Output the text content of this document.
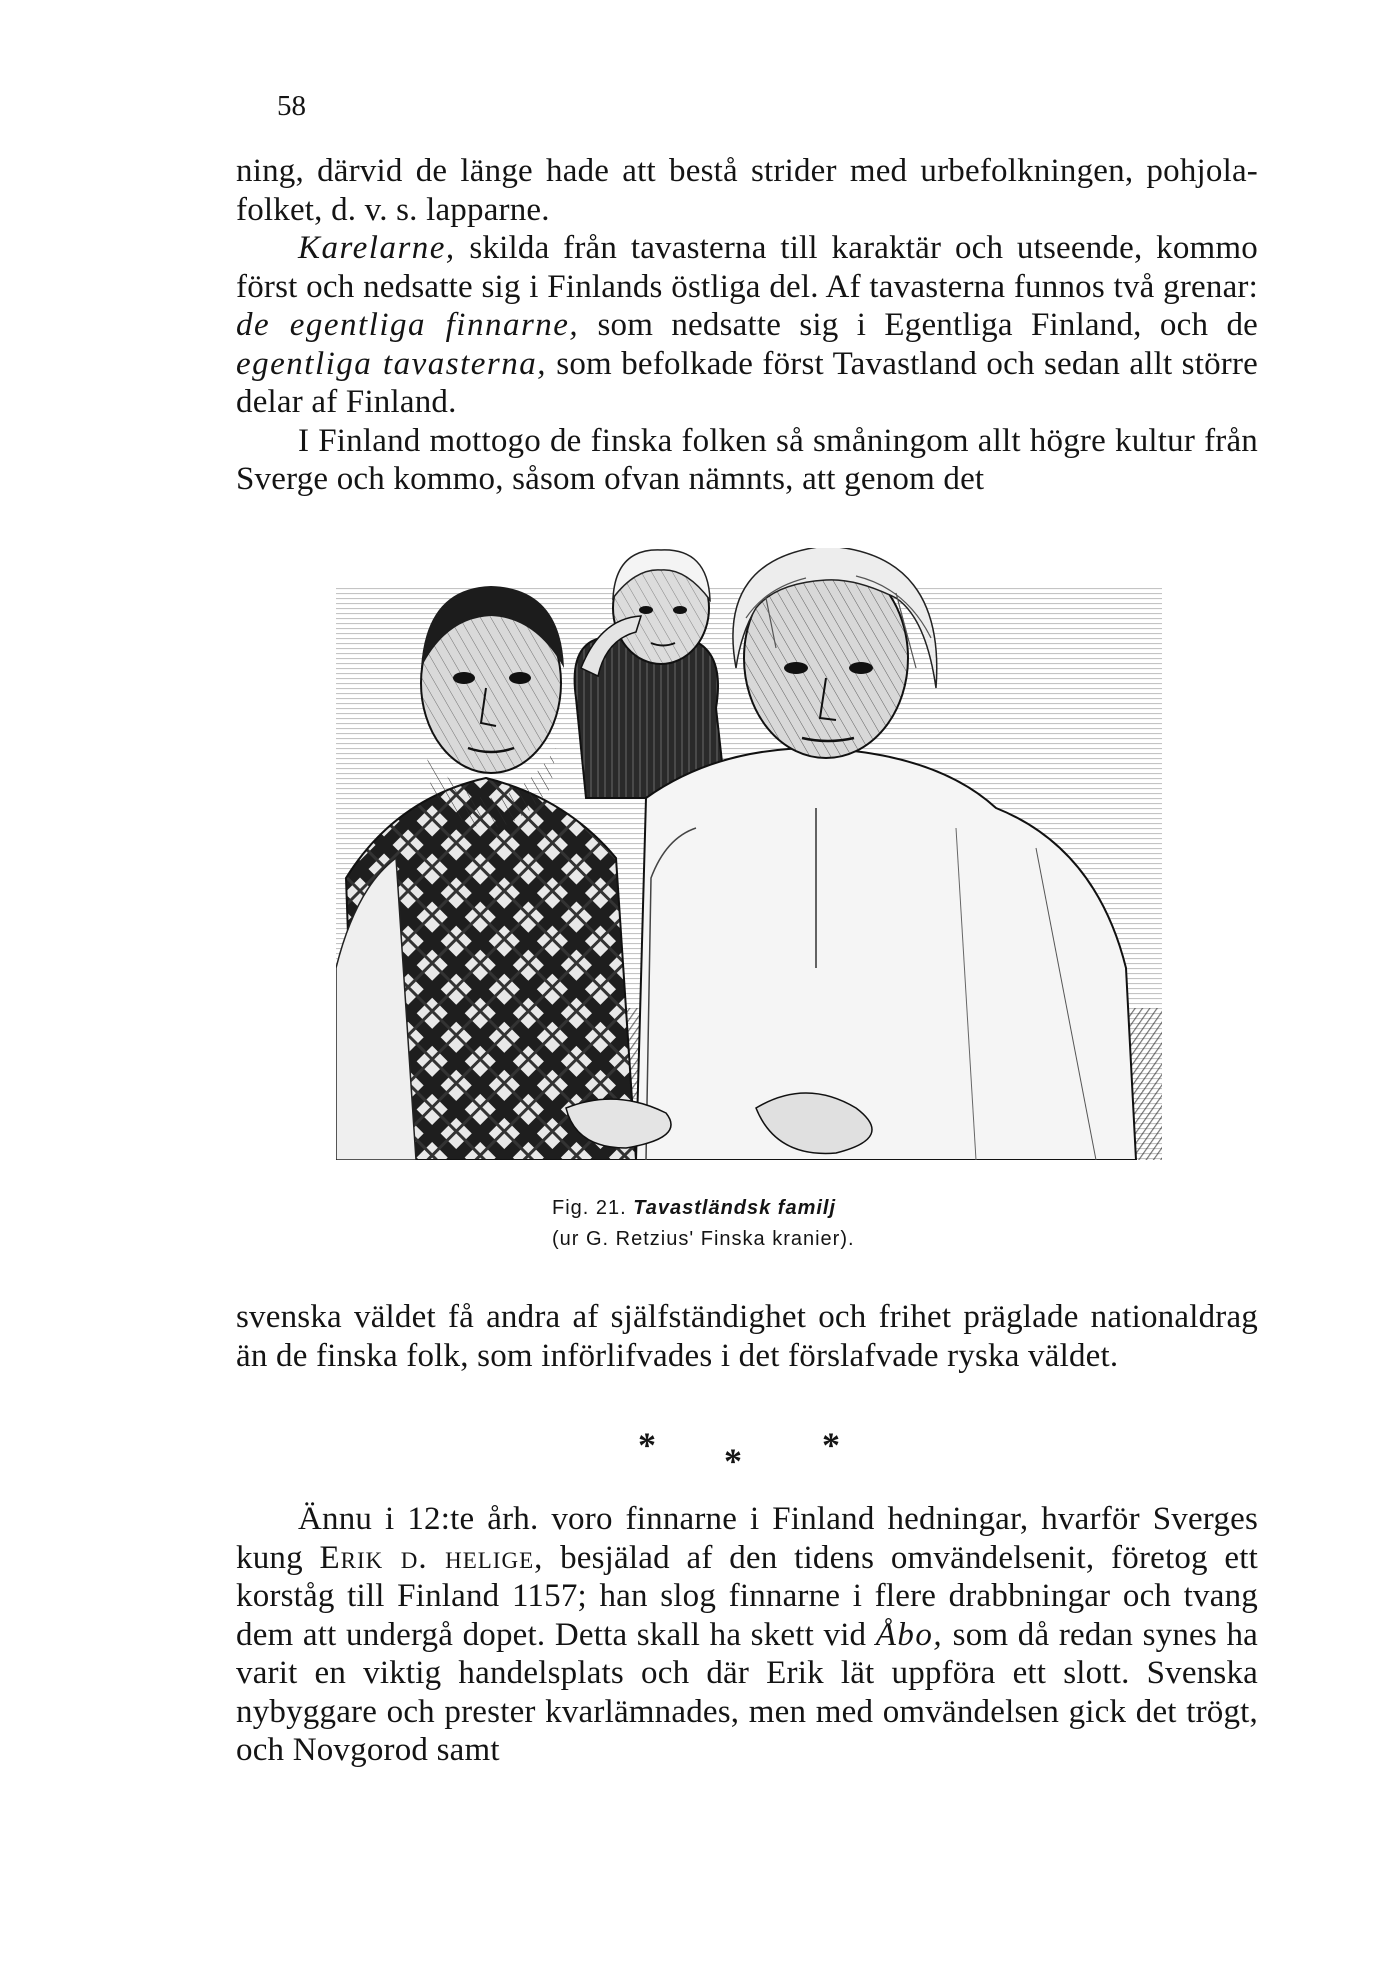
58

ning, därvid de länge hade att bestå strider med urbefolkningen, pohjola-folket, d. v. s. lapparne.

Karelarne, skilda från tavasterna till karaktär och utseende, kommo först och nedsatte sig i Finlands östliga del. Af tavasterna funnos två grenar: de egentliga finnarne, som nedsatte sig i Egentliga Finland, och de egentliga tavasterna, som befolkade först Tavastland och sedan allt större delar af Finland.

I Finland mottogo de finska folken så småningom allt högre kultur från Sverge och kommo, såsom ofvan nämnts, att genom det

Fig. 21. Tavastländsk familj
(ur G. Retzius' Finska kranier).

svenska väldet få andra af själfständighet och frihet präglade nationaldrag än de finska folk, som införlifvades i det förslafvade ryska väldet.

* * *

Ännu i 12:te årh. voro finnarne i Finland hedningar, hvarför Sverges kung Erik d. helige, besjälad af den tidens omvändelsenit, företog ett korståg till Finland 1157; han slog finnarne i flere drabbningar och tvang dem att undergå dopet. Detta skall ha skett vid Åbo, som då redan synes ha varit en viktig handelsplats och där Erik lät uppföra ett slott. Svenska nybyggare och prester kvarlämnades, men med omvändelsen gick det trögt, och Novgorod samt
